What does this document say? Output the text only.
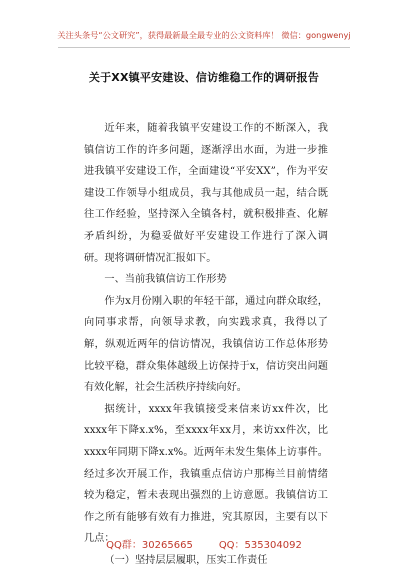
关注头条号“公文研究”，获得最新最全最专业的公文资料库！ 微信：gongwenyj
关于XX镇平安建设、信访维稳工作的调研报告

近年来，随着我镇平安建设工作的不断深入，我镇信访工作的许多问题，逐渐浮出水面，为进一步推进我镇平安建设工作，全面建设“平安XX”，作为平安建设工作领导小组成员，我与其他成员一起，结合既往工作经验，坚持深入全镇各村，就积极排查、化解矛盾纠纷，为稳妥做好平安建设工作进行了深入调研。现将调研情况汇报如下。

一、当前我镇信访工作形势

作为x月份刚入职的年轻干部，通过向群众取经，向同事求帮，向领导求教，向实践求真，我得以了解，纵观近两年的信访情况，我镇信访工作总体形势比较平稳，群众集体越级上访保持于x，信访突出问题有效化解，社会生活秩序持续向好。

据统计，xxxx年我镇接受来信来访xx件次，比xxxx年下降x.x%，至xxxx年xx月，来访xx件次，比xxxx年同期下降x.x%。近两年未发生集体上访事件。经过多次开展工作，我镇重点信访户那梅兰目前情绪较为稳定，暂未表现出强烈的上访意愿。我镇信访工作之所有能够有效有力推进，究其原因，主要有以下几点：

（一）坚持层层履职，压实工作责任

QQ群：30265665	QQ：535304092
